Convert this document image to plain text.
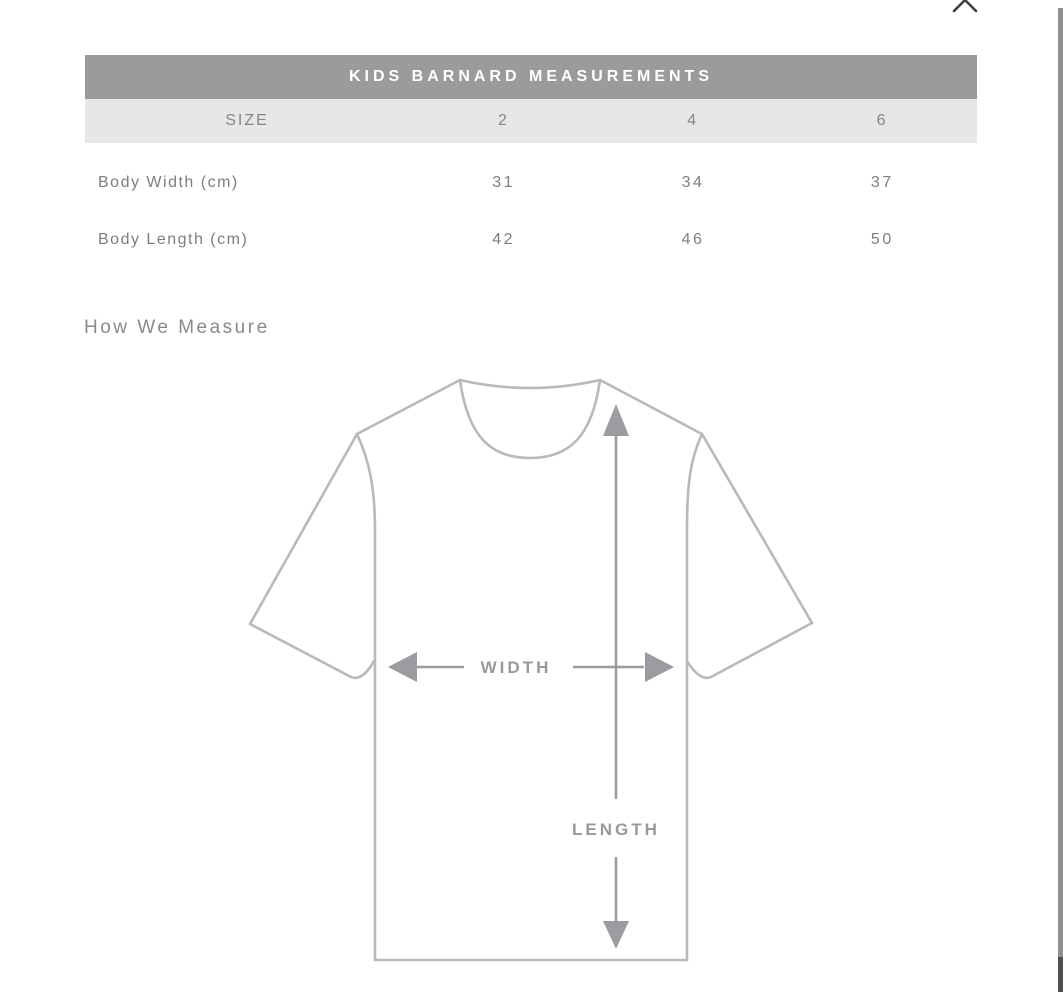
KIDS BARNARD MEASUREMENTS
SIZE	2	4	6
Body Width (cm)	31	34	37
Body Length (cm)	42	46	50
How We Measure
WIDTH
LENGTH
